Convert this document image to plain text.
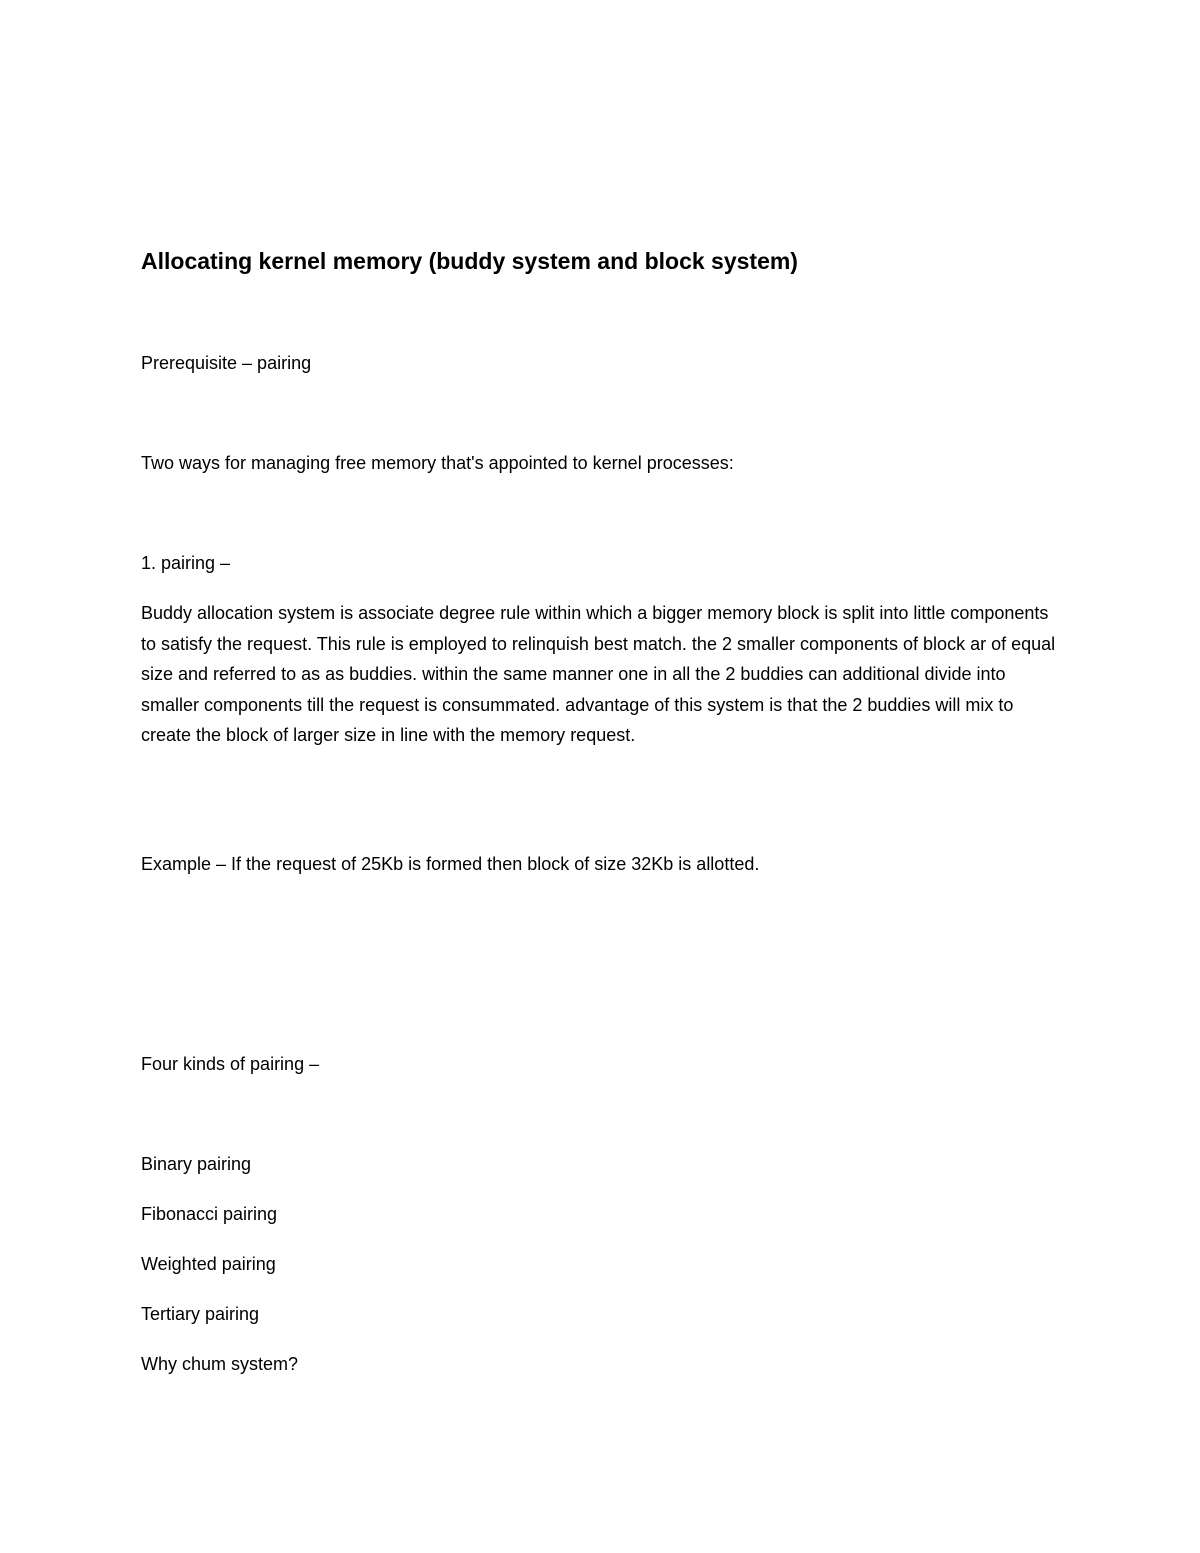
Allocating kernel memory (buddy system and block system)

Prerequisite – pairing

Two ways for managing free memory that's appointed to kernel processes:

1. pairing –

Buddy allocation system is associate degree rule within which a bigger memory block is split into little components to satisfy the request. This rule is employed to relinquish best match. the 2 smaller components of block ar of equal size and referred to as as buddies. within the same manner one in all the 2 buddies can additional divide into smaller components till the request is consummated. advantage of this system is that the 2 buddies will mix to create the block of larger size in line with the memory request.

Example – If the request of 25Kb is formed then block of size 32Kb is allotted.

Four kinds of pairing –

Binary pairing

Fibonacci pairing

Weighted pairing

Tertiary pairing

Why chum system?
